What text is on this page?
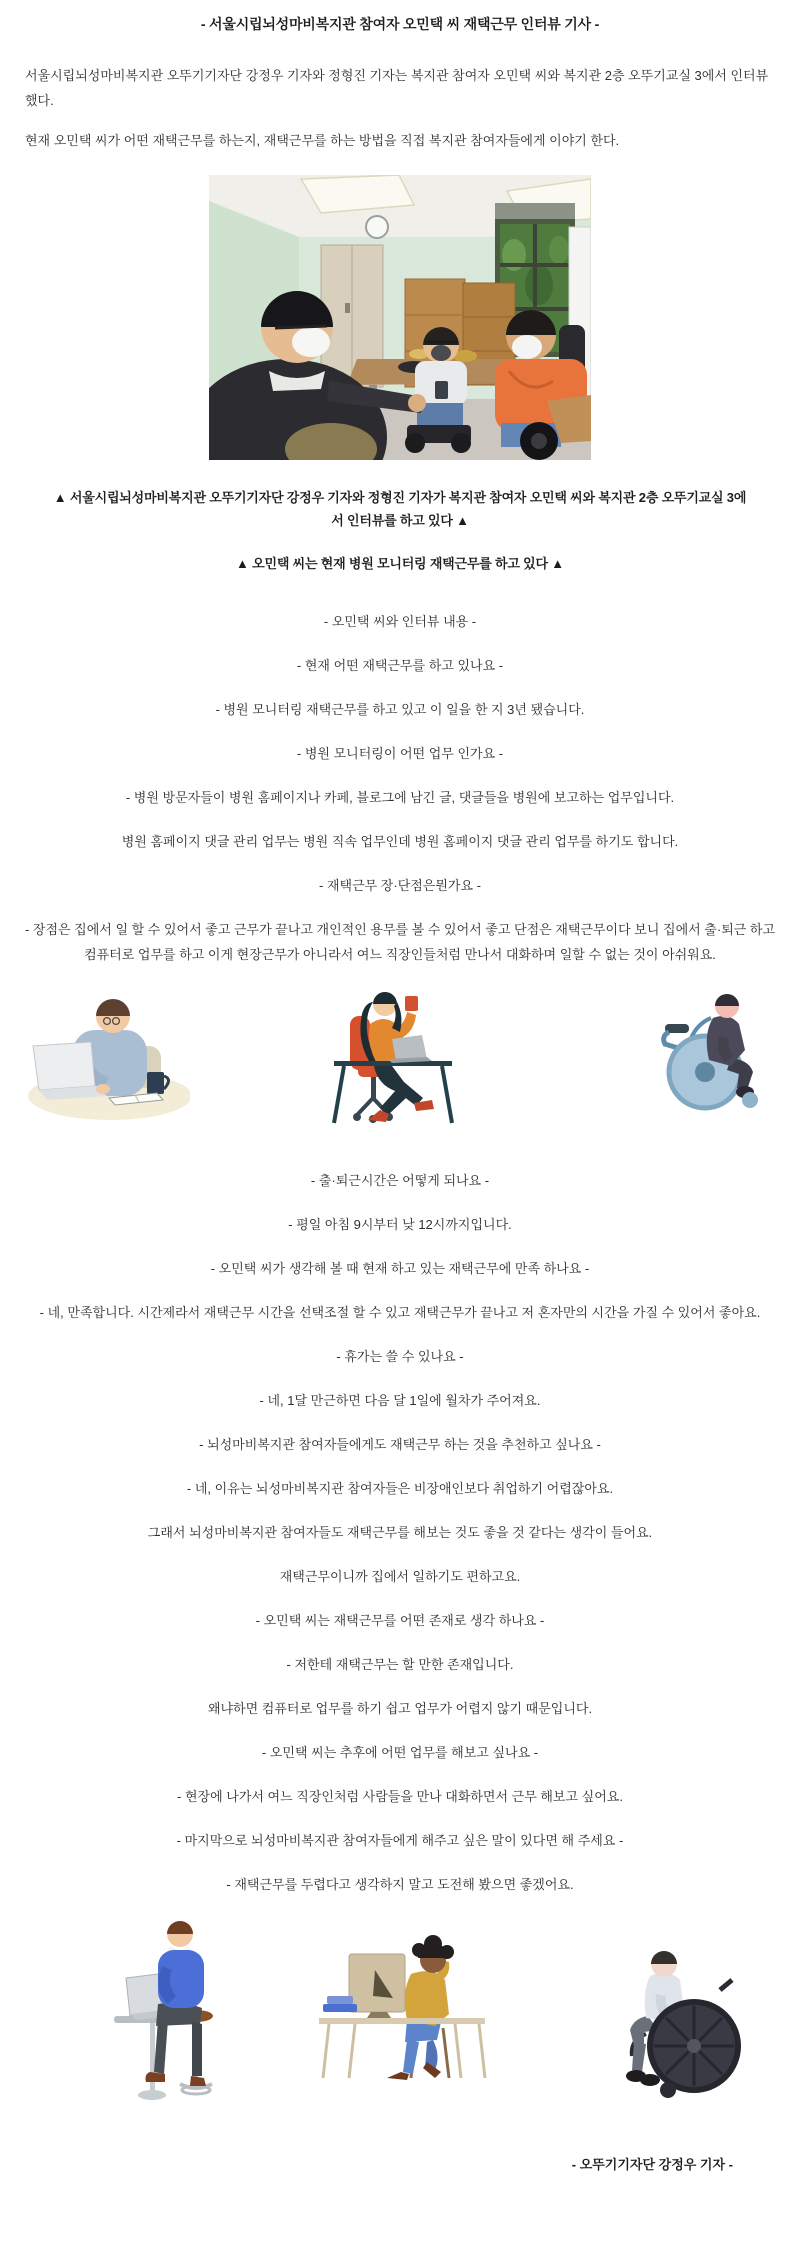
- 서울시립뇌성마비복지관 참여자 오민택 씨 재택근무 인터뷰 기사 -

서울시립뇌성마비복지관 오뚜기기자단 강정우 기자와 정형진 기자는 복지관 참여자 오민택 씨와 복지관 2층 오뚜기교실 3에서 인터뷰 했다.

현재 오민택 씨가 어떤 재택근무를 하는지, 재택근무를 하는 방법을 직접 복지관 참여자들에게 이야기 한다.

▲ 서울시립뇌성마비복지관 오뚜기기자단 강정우 기자와 정형진 기자가 복지관 참여자 오민택 씨와 복지관 2층 오뚜기교실 3에서 인터뷰를 하고 있다 ▲
▲ 오민택 씨는 현재 병원 모니터링 재택근무를 하고 있다 ▲

- 오민택 씨와 인터뷰 내용 -

- 현재 어떤 재택근무를 하고 있나요 -

- 병원 모니터링 재택근무를 하고 있고 이 일을 한 지 3년 됐습니다.

- 병원 모니터링이 어떤 업무 인가요 -

- 병원 방문자들이 병원 홈페이지나 카페, 블로그에 남긴 글, 댓글들을 병원에 보고하는 업무입니다.

병원 홈페이지 댓글 관리 업무는 병원 직속 업무인데 병원 홈페이지 댓글 관리 업무를 하기도 합니다.

- 재택근무 장·단점은뭔가요 -

- 장점은 집에서 일 할 수 있어서 좋고 근무가 끝나고 개인적인 용무를 볼 수 있어서 좋고 단점은 재택근무이다 보니 집에서 출·퇴근 하고 컴퓨터로 업무를 하고 이게 현장근무가 아니라서 여느 직장인들처럼 만나서 대화하며 일할 수 없는 것이 아쉬워요.

- 출·퇴근시간은 어떻게 되나요 -

- 평일 아침 9시부터 낮 12시까지입니다.

- 오민택 씨가 생각해 볼 때 현재 하고 있는 재택근무에 만족 하나요 -

- 네, 만족합니다. 시간제라서 재택근무 시간을 선택조절 할 수 있고 재택근무가 끝나고 저 혼자만의 시간을 가질 수 있어서 좋아요.

- 휴가는 쓸 수 있나요 -

- 네, 1달 만근하면 다음 달 1일에 월차가 주어져요.

- 뇌성마비복지관 참여자들에게도 재택근무 하는 것을 추천하고 싶나요 -

- 네, 이유는 뇌성마비복지관 참여자들은 비장애인보다 취업하기 어렵잖아요.

그래서 뇌성마비복지관 참여자들도 재택근무를 해보는 것도 좋을 것 같다는 생각이 들어요.

재택근무이니까 집에서 일하기도 편하고요.

- 오민택 씨는 재택근무를 어떤 존재로 생각 하나요 -

- 저한테 재택근무는 할 만한 존재입니다.

왜냐하면 컴퓨터로 업무를 하기 쉽고 업무가 어렵지 않기 때문입니다.

- 오민택 씨는 추후에 어떤 업무를 해보고 싶나요 -

- 현장에 나가서 여느 직장인처럼 사람들을 만나 대화하면서 근무 해보고 싶어요.

- 마지막으로 뇌성마비복지관 참여자들에게 해주고 싶은 말이 있다면 해 주세요 -

- 재택근무를 두렵다고 생각하지 말고 도전해 봤으면 좋겠어요.

- 오뚜기기자단 강정우 기자 -
